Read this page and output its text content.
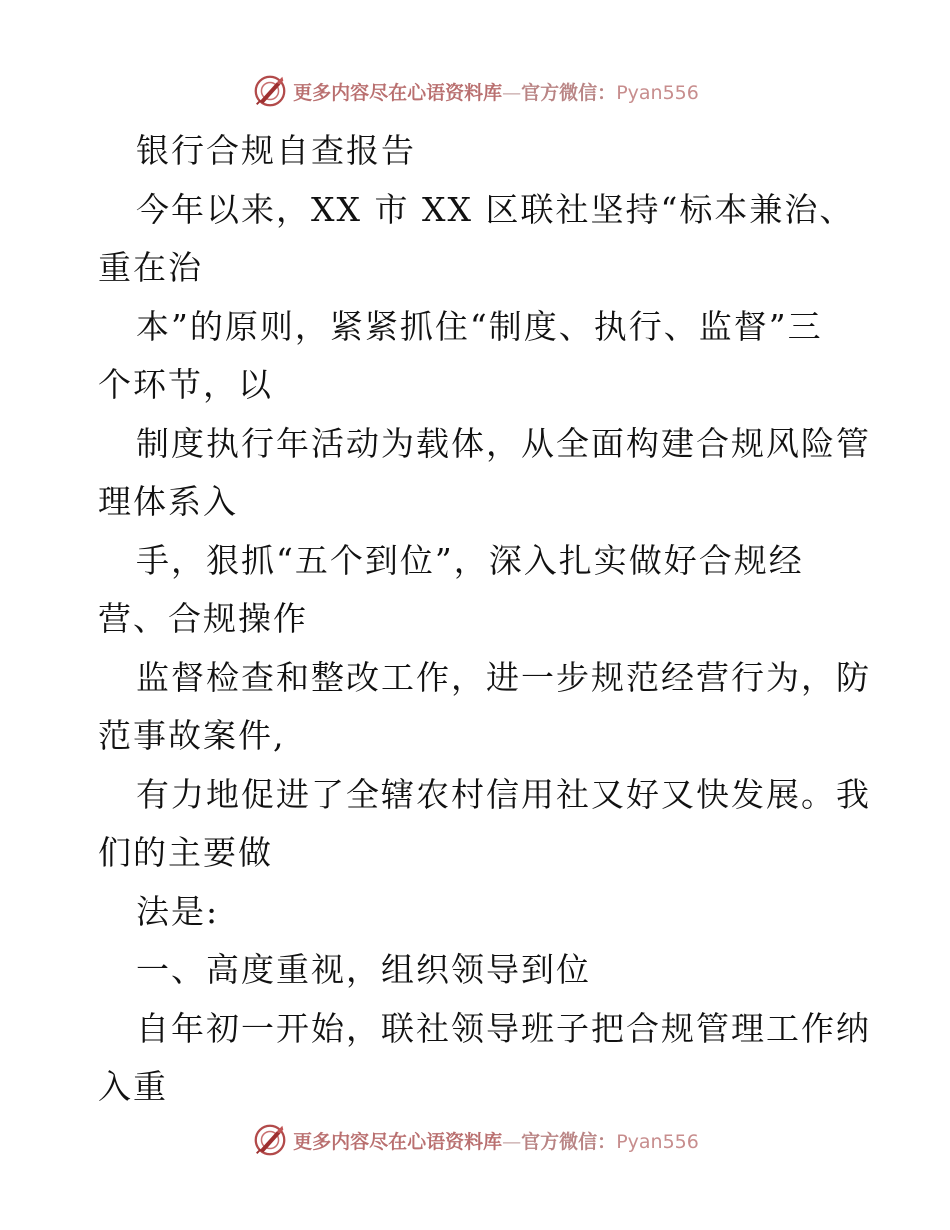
更多内容尽在心语资料库—官方微信：Pyan556
银行合规自查报告
今年以来，XX 市 XX 区联社坚持“标本兼治、
重在治
本”的原则，紧紧抓住“制度、执行、监督”三
个环节，以
制度执行年活动为载体，从全面构建合规风险管
理体系入
手，狠抓“五个到位”，深入扎实做好合规经
营、合规操作
监督检查和整改工作，进一步规范经营行为，防
范事故案件,
有力地促进了全辖农村信用社又好又快发展。我
们的主要做
法是:
一、高度重视，组织领导到位
自年初一开始，联社领导班子把合规管理工作纳
入重
更多内容尽在心语资料库—官方微信：Pyan556
